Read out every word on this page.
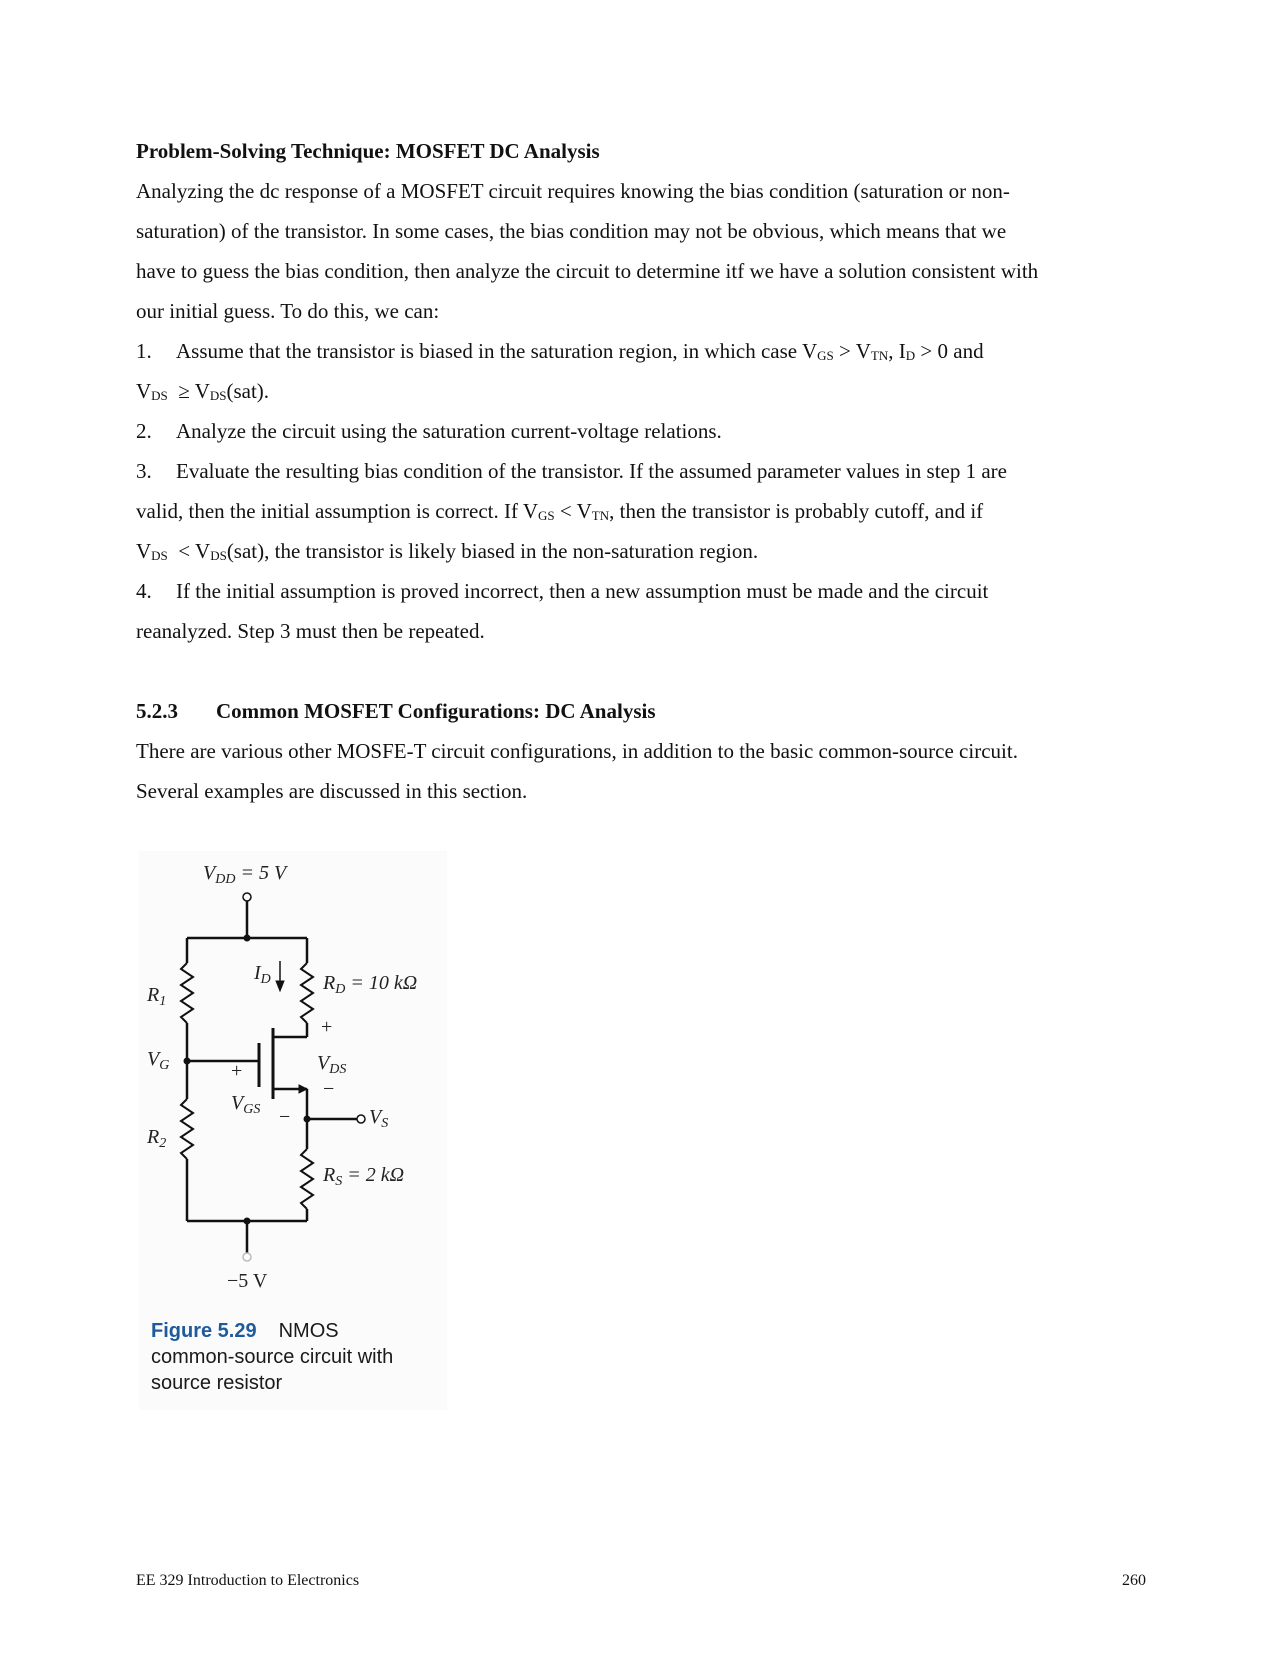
Problem-Solving Technique: MOSFET DC Analysis
Analyzing the dc response of a MOSFET circuit requires knowing the bias condition (saturation or non-
saturation) of the transistor. In some cases, the bias condition may not be obvious, which means that we
have to guess the bias condition, then analyze the circuit to determine itf we have a solution consistent with
our initial guess. To do this, we can:
1. Assume that the transistor is biased in the saturation region, in which case $V_{GS} > V_{TN}$, $I_D > 0$ and
$V_{DS} \ge V_{DS}(sat)$.
2. Analyze the circuit using the saturation current-voltage relations.
3. Evaluate the resulting bias condition of the transistor. If the assumed parameter values in step 1 are
valid, then the initial assumption is correct. If $V_{GS} < V_{TN}$, then the transistor is probably cutoff, and if
$V_{DS} < V_{DS}(sat)$, the transistor is likely biased in the non-saturation region.
4. If the initial assumption is proved incorrect, then a new assumption must be made and the circuit
reanalyzed. Step 3 must then be repeated.
5.2.3 Common MOSFET Configurations: DC Analysis
There are various other MOSFE-T circuit configurations, in addition to the basic common-source circuit.
Several examples are discussed in this section.
$V_{DD} = 5$ V
$R_1$
$I_D$	$R_D = 10$ kΩ
+
$V_G$	$V_{DS}$
+
−
$V_{GS}$ −	$V_S$
$R_2$
$R_S = 2$ kΩ
−5 V
Figure 5.29 NMOS
common-source circuit with
source resistor
EE 329 Introduction to Electronics	260
